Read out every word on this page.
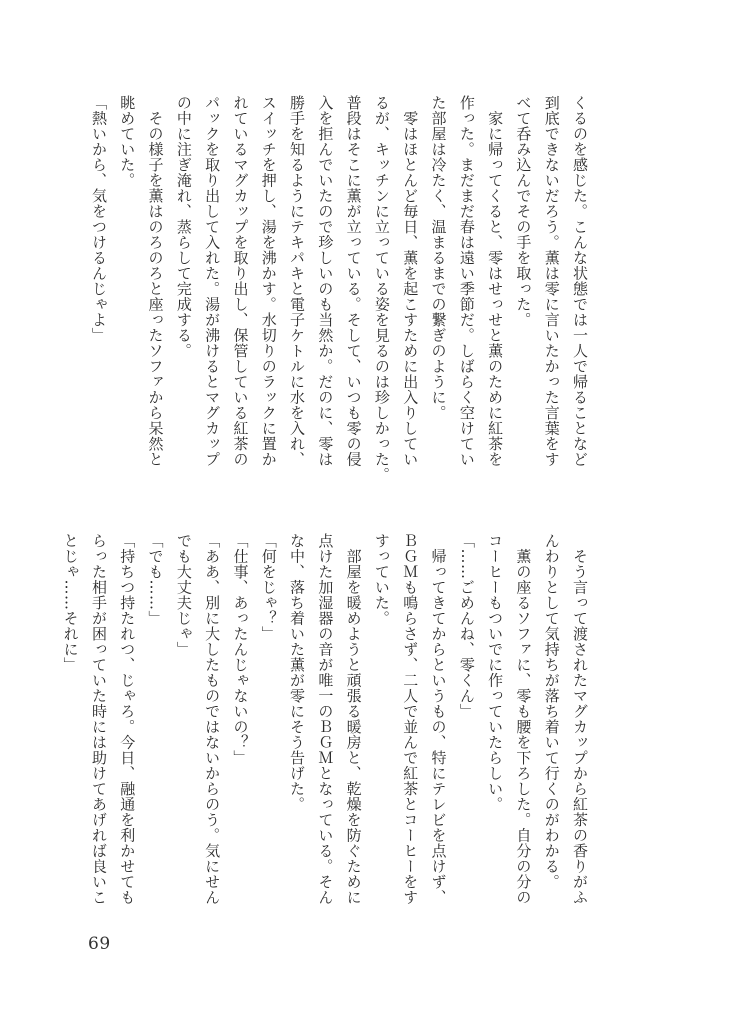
くるのを感じた。こんな状態では一人で帰ることなど

到底できないだろう。薫は零に言いたかった言葉をす

べて呑み込んでその手を取った。

　家に帰ってくると、零はせっせと薫のために紅茶を

作った。まだまだ春は遠い季節だ。しばらく空けてい

た部屋は冷たく、温まるまでの繋ぎのように。

　零はほとんど毎日、薫を起こすために出入りしてい

るが、キッチンに立っている姿を見るのは珍しかった。

普段はそこに薫が立っている。そして、いつも零の侵

入を拒んでいたので珍しいのも当然か。だのに、零は

勝手を知るようにテキパキと電子ケトルに水を入れ、

スイッチを押し、湯を沸かす。水切りのラックに置か

れているマグカップを取り出し、保管している紅茶の

パックを取り出して入れた。湯が沸けるとマグカップ

の中に注ぎ淹れ、蒸らして完成する。

　その様子を薫はのろのろと座ったソファから呆然と

眺めていた。

「熱いから、気をつけるんじゃよ」

　そう言って渡されたマグカップから紅茶の香りがふ

んわりとして気持ちが落ち着いて行くのがわかる。

　薫の座るソファに、零も腰を下ろした。自分の分の

コーヒーもついでに作っていたらしい。

「……ごめんね、零くん」

　帰ってきてからというもの、特にテレビを点けず、

ＢＧＭも鳴らさず、二人で並んで紅茶とコーヒーをす

すっていた。

　部屋を暖めようと頑張る暖房と、乾燥を防ぐために

点けた加湿器の音が唯一のＢＧＭとなっている。そん

な中、落ち着いた薫が零にそう告げた。

「何をじゃ？」

「仕事、あったんじゃないの？」

「ああ、別に大したものではないからのう。気にせん

でも大丈夫じゃ」

「でも……」

「持ちつ持たれつ、じゃろ。今日、融通を利かせても

らった相手が困っていた時には助けてあげれば良いこ

とじゃ……それに」

69
